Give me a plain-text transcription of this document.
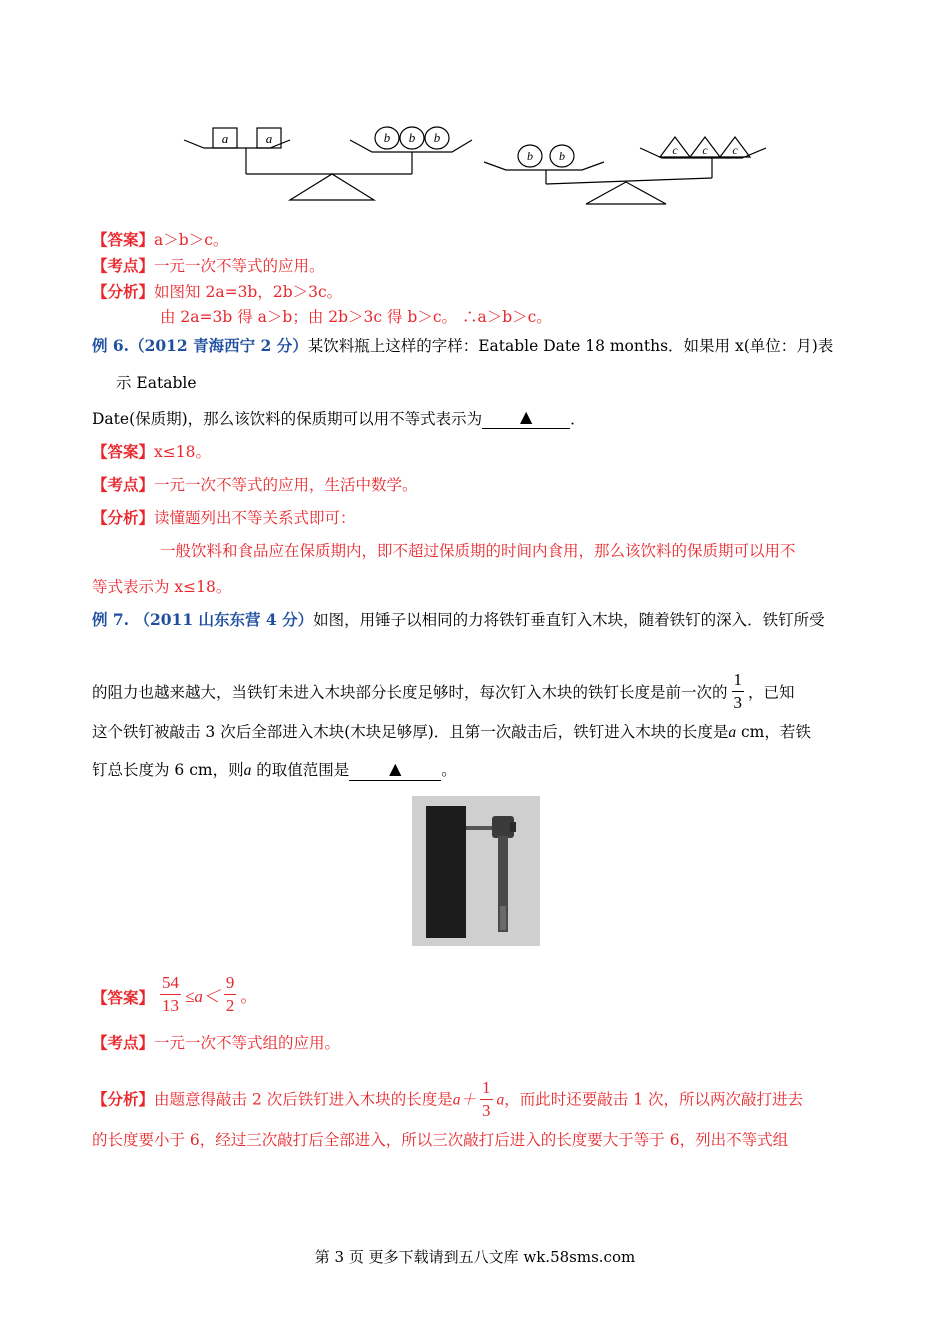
a	a	b b b
b b	c c c
【答案】a＞b＞c。
【考点】一元一次不等式的应用。
【分析】如图知 2a=3b，2b＞3c。
由 2a=3b 得 a＞b；由 2b＞3c 得 b＞c。 ∴a＞b＞c。
例 6.（2012 青海西宁 2 分）某饮料瓶上这样的字样：Eatable Date 18 months．如果用 x(单位：月)表
示 Eatable
Date(保质期)，那么该饮料的保质期可以用不等式表示为	▲	．
【答案】x≤18。
【考点】一元一次不等式的应用，生活中数学。
【分析】读懂题列出不等关系式即可：
一般饮料和食品应在保质期内，即不超过保质期的时间内食用，那么该饮料的保质期可以用不
等式表示为 x≤18。
例 7. （2011 山东东营 4 分）如图，用锤子以相同的力将铁钉垂直钉入木块，随着铁钉的深入．铁钉所受
的阻力也越来越大，当铁钉未进入木块部分长度足够时，每次钉入木块的铁钉长度是前一次的 $\frac{1}{3}$ ，已知
这个铁钉被敲击 3 次后全部进入木块(木块足够厚)．且第一次敲击后，铁钉进入木块的长度是a cm，若铁
钉总长度为 6 cm，则a 的取值范围是	▲	。
【答案】 $\frac{54}{13} \le a< \frac{9}{2}$ 。
【考点】一元一次不等式组的应用。
【分析】由题意得敲击 2 次后铁钉进入木块的长度是$a+ \frac{1}{3}$ a，而此时还要敲击 1 次，所以两次敲打进去
的长度要小于 6，经过三次敲打后全部进入，所以三次敲打后进入的长度要大于等于 6，列出不等式组
第 3 页 更多下载请到五八文库 wk.58sms.com
